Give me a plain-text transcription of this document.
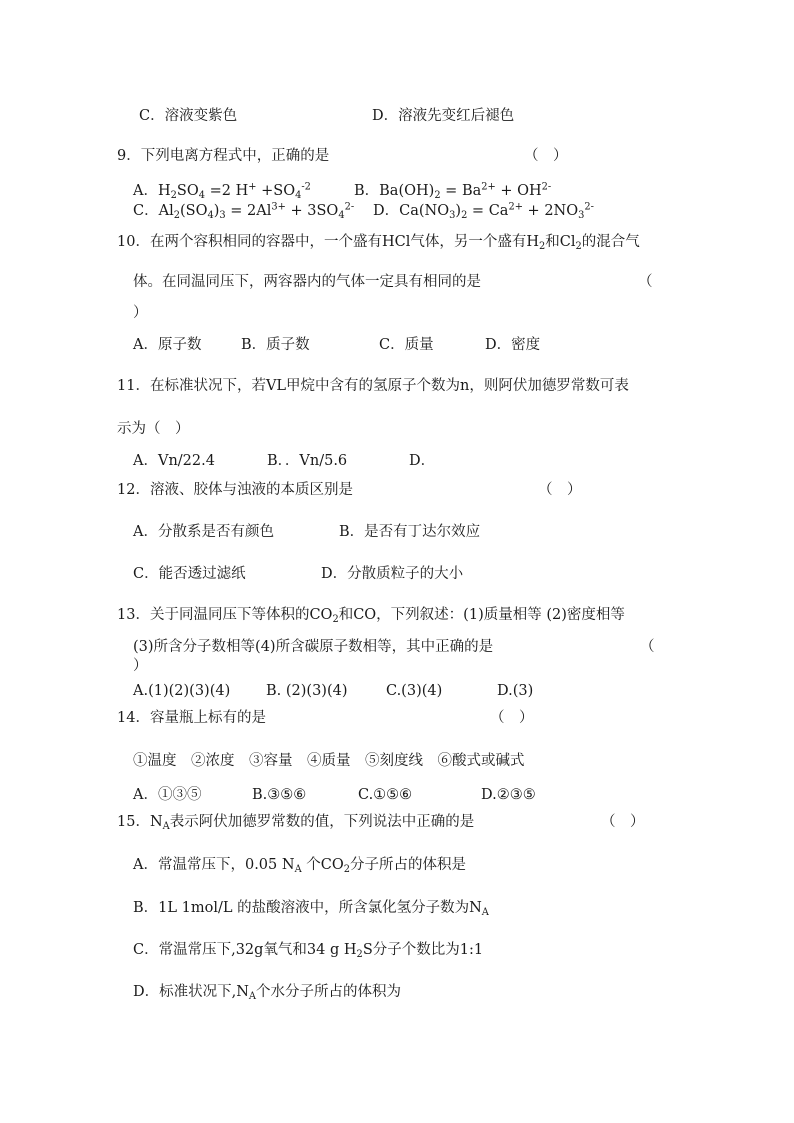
C．溶液变紫色	D．溶液先变红后褪色
9．下列电离方程式中，正确的是	（　）
A．$H_2SO_4 =2$ $H^+ +SO_4^{-2}$	B．$Ba(OH)_2 = Ba^{2+} + OH^{2-}$
C．$Al_2(SO_4)_3 = 2Al^{3+} + 3SO_4^{2-}$ D．$Ca(NO_3)_2 = Ca^{2+} + 2NO_3^{2-}$
10．在两个容积相同的容器中，一个盛有HCl气体，另一个盛有$H_2$和$Cl_2$的混合气
体。在同温同压下，两容器内的气体一定具有相同的是	（
）
A．原子数	B．质子数	C．质量	D．密度
11．在标准状况下，若VL甲烷中含有的氢原子个数为n，则阿伏加德罗常数可表
示为（　）
A．Vn/22.4	B．．Vn/5.6	D．
12．溶液、胶体与浊液的本质区别是	（　）
A．分散系是否有颜色	B．是否有丁达尔效应
C．能否透过滤纸	D．分散质粒子的大小
13．关于同温同压下等体积的$CO_2$和CO，下列叙述：(1)质量相等 (2)密度相等
(3)所含分子数相等(4)所含碳原子数相等，其中正确的是	（
）
A.(1)(2)(3)(4) B. (2)(3)(4)	C.(3)(4)	D.(3)
14．容量瓶上标有的是	（　）
①温度　②浓度　③容量　④质量　⑤刻度线　⑥酸式或碱式
A．①③⑤	B.③⑤⑥	C.①⑤⑥	D.②③⑤
15．$N_A$表示阿伏加德罗常数的值，下列说法中正确的是	（　）
A．常温常压下，0.05 $N_A$ 个$CO_2$分子所占的体积是
B．1L 1mol/L 的盐酸溶液中，所含氯化氢分子数为$N_A$
C．常温常压下,32g氧气和34 g $H_2S$分子个数比为1:1
D．标准状况下$,N_A$个水分子所占的体积为
